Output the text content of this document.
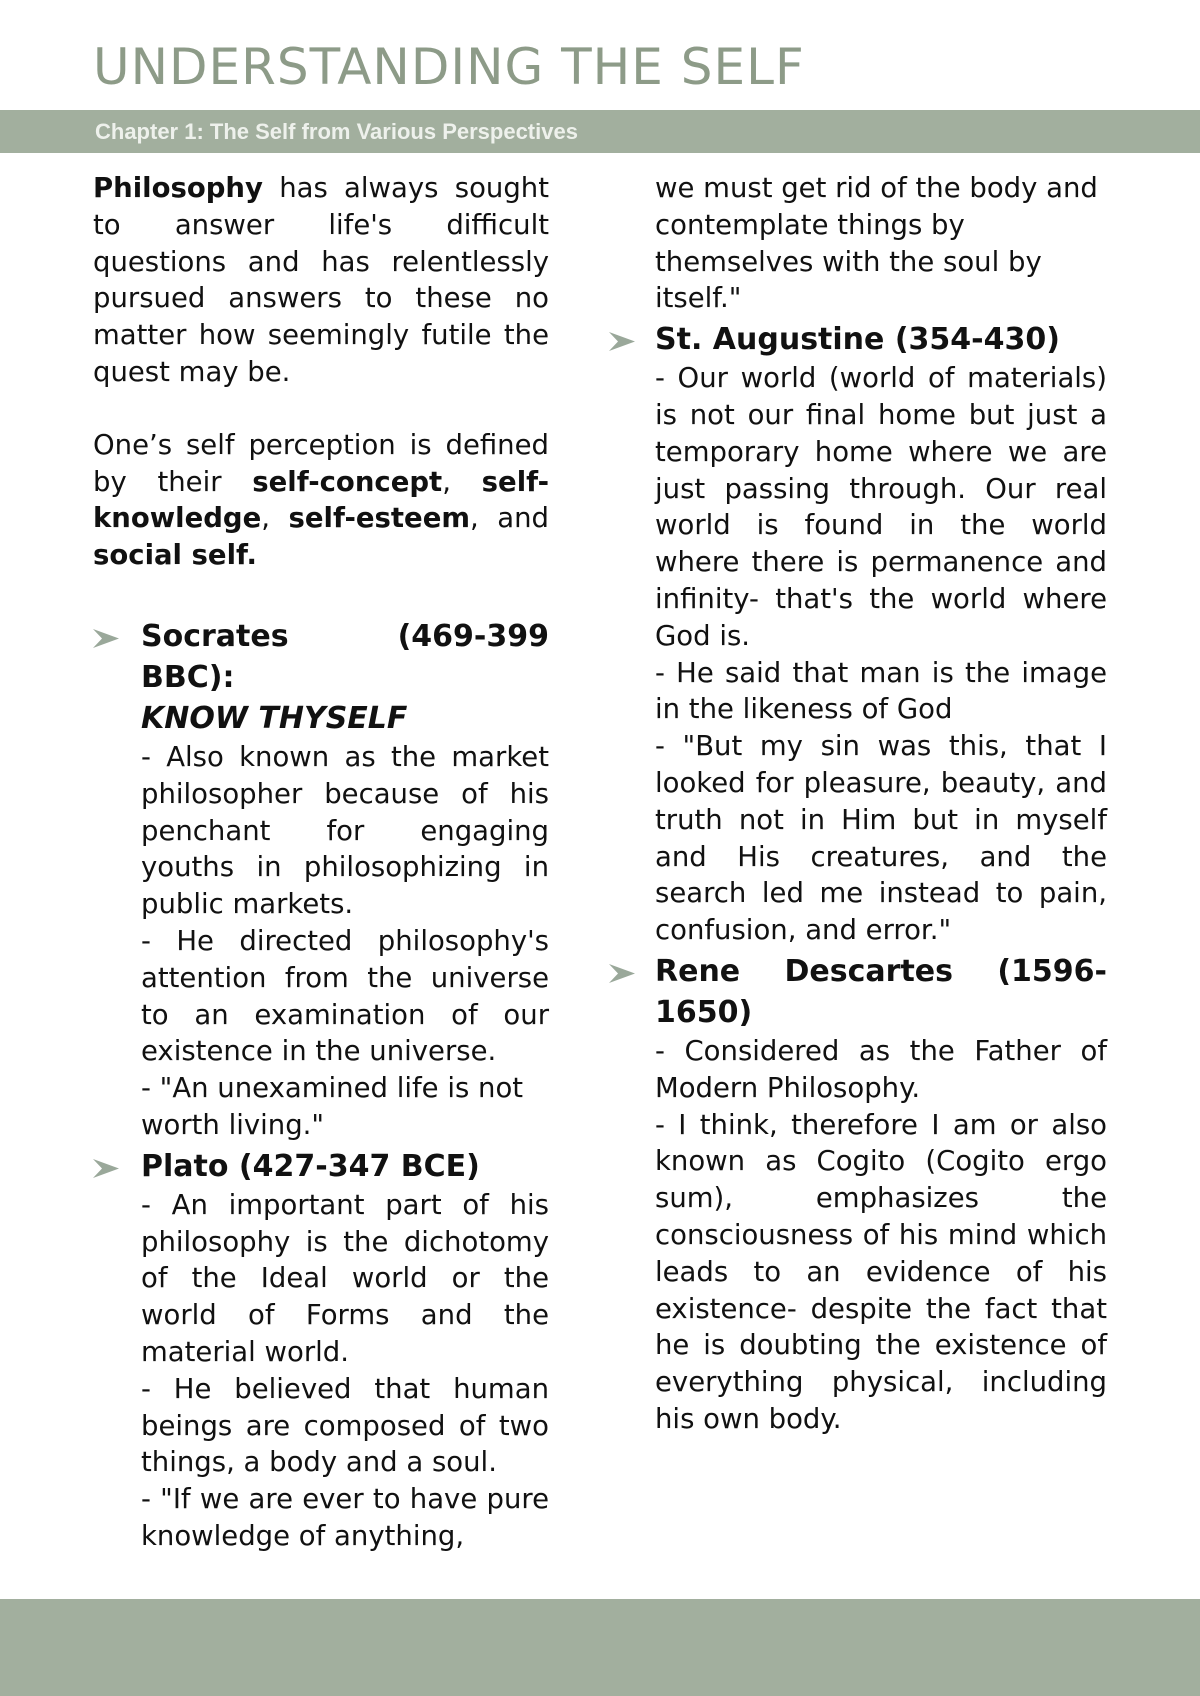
UNDERSTANDING THE SELF
Chapter 1: The Self from Various Perspectives

Philosophy has always sought to answer life's difficult questions and has relentlessly pursued answers to these no matter how seemingly futile the quest may be.

One’s self perception is defined by their self-concept, self-knowledge, self-esteem, and social self.

Socrates (469-399 BBC):
KNOW THYSELF

- Also known as the market philosopher because of his penchant for engaging youths in philosophizing in public markets.

- He directed philosophy's attention from the universe to an examination of our existence in the universe.

- "An unexamined life is not worth living."

Plato (427-347 BCE)

- An important part of his philosophy is the dichotomy of the Ideal world or the world of Forms and the material world.

- He believed that human beings are composed of two things, a body and a soul.

- "If we are ever to have pure knowledge of anything,

we must get rid of the body and contemplate things by themselves with the soul by itself."

St. Augustine (354-430)

- Our world (world of materials) is not our final home but just a temporary home where we are just passing through. Our real world is found in the world where there is permanence and infinity- that's the world where God is.

- He said that man is the image in the likeness of God

- "But my sin was this, that I looked for pleasure, beauty, and truth not in Him but in myself and His creatures, and the search led me instead to pain, confusion, and error."

Rene Descartes (1596-1650)

- Considered as the Father of Modern Philosophy.

- I think, therefore I am or also known as Cogito (Cogito ergo sum), emphasizes the consciousness of his mind which leads to an evidence of his existence- despite the fact that he is doubting the existence of everything physical, including his own body.
